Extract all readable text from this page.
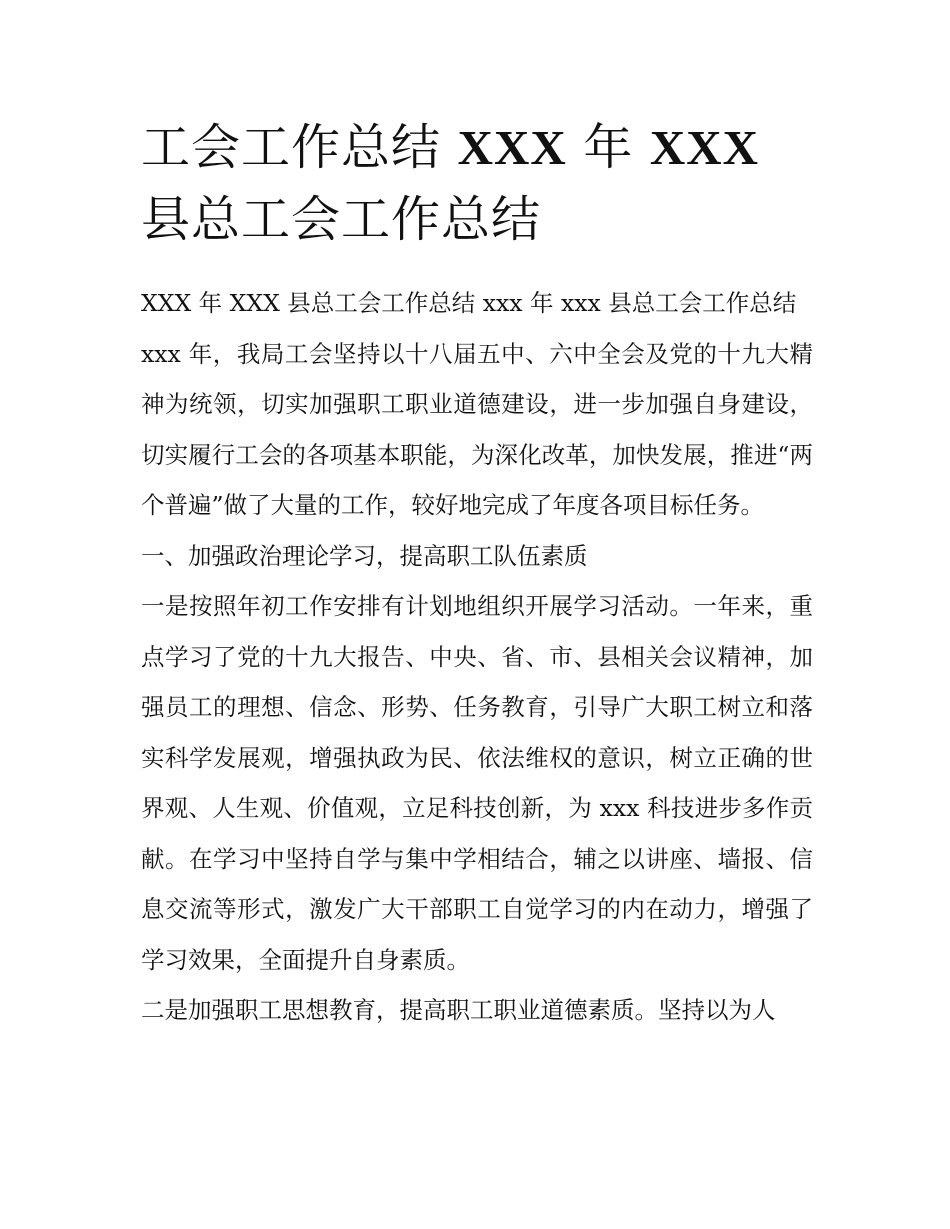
工会工作总结 XXX 年 XXX 县总工会工作总结

XXX 年 XXX 县总工会工作总结 xxx 年 xxx 县总工会工作总结

xxx 年，我局工会坚持以十八届五中、六中全会及党的十九大精神为统领，切实加强职工职业道德建设，进一步加强自身建设，切实履行工会的各项基本职能，为深化改革，加快发展，推进“两个普遍”做了大量的工作，较好地完成了年度各项目标任务。

一、加强政治理论学习，提高职工队伍素质

一是按照年初工作安排有计划地组织开展学习活动。一年来，重点学习了党的十九大报告、中央、省、市、县相关会议精神，加强员工的理想、信念、形势、任务教育，引导广大职工树立和落实科学发展观，增强执政为民、依法维权的意识，树立正确的世界观、人生观、价值观，立足科技创新，为 xxx 科技进步多作贡献。在学习中坚持自学与集中学相结合，辅之以讲座、墙报、信息交流等形式，激发广大干部职工自觉学习的内在动力，增强了学习效果，全面提升自身素质。

二是加强职工思想教育，提高职工职业道德素质。坚持以为人
